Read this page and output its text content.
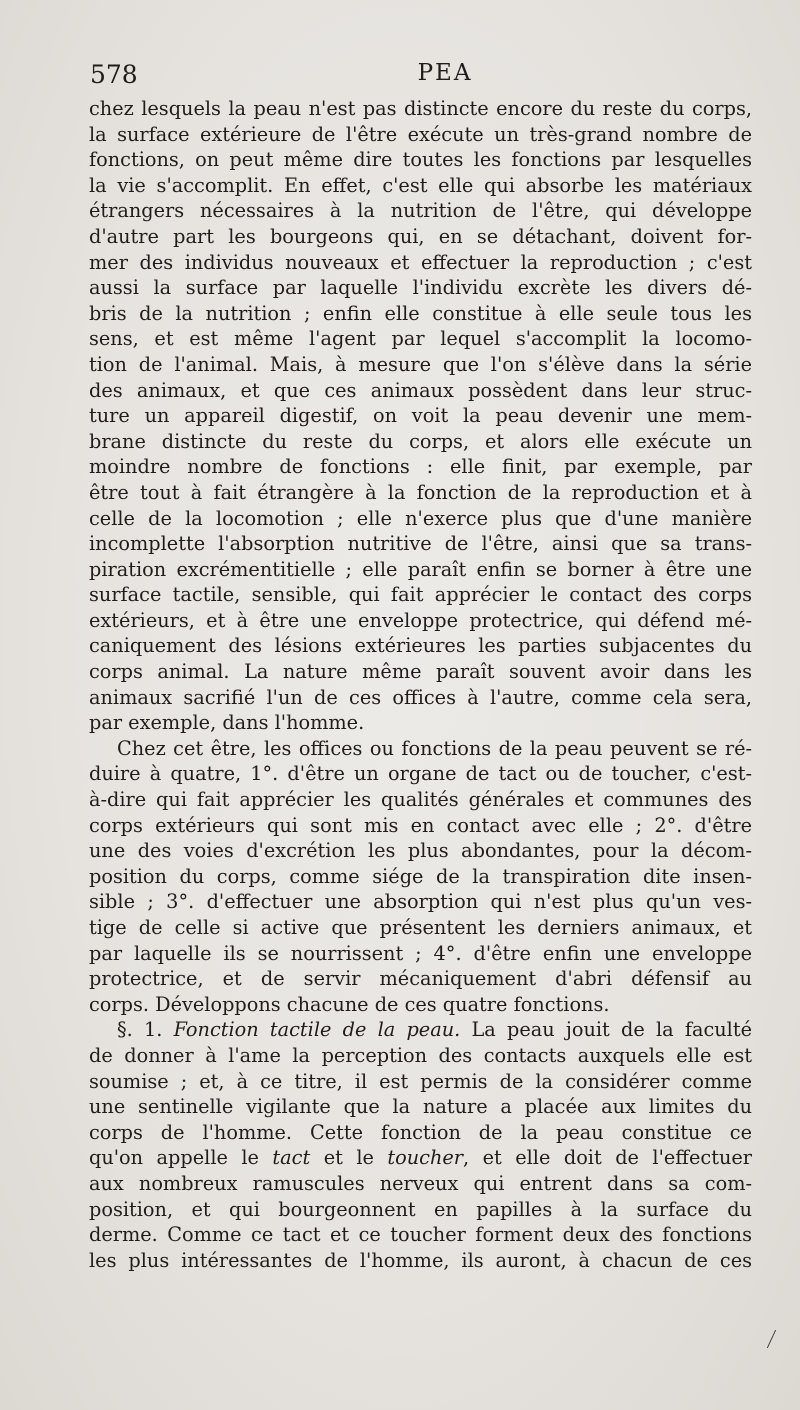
578	PEA
chez lesquels la peau n'est pas distincte encore du reste du corps,
la surface extérieure de l'être exécute un très-grand nombre de
fonctions, on peut même dire toutes les fonctions par lesquelles
la vie s'accomplit. En effet, c'est elle qui absorbe les matériaux
étrangers nécessaires à la nutrition de l'être, qui développe
d'autre part les bourgeons qui, en se détachant, doivent for-
mer des individus nouveaux et effectuer la reproduction ; c'est
aussi la surface par laquelle l'individu excrète les divers dé-
bris de la nutrition ; enfin elle constitue à elle seule tous les
sens, et est même l'agent par lequel s'accomplit la locomo-
tion de l'animal. Mais, à mesure que l'on s'élève dans la série
des animaux, et que ces animaux possèdent dans leur struc-
ture un appareil digestif, on voit la peau devenir une mem-
brane distincte du reste du corps, et alors elle exécute un
moindre nombre de fonctions : elle finit, par exemple, par
être tout à fait étrangère à la fonction de la reproduction et à
celle de la locomotion ; elle n'exerce plus que d'une manière
incomplette l'absorption nutritive de l'être, ainsi que sa trans-
piration excrémentitielle ; elle paraît enfin se borner à être une
surface tactile, sensible, qui fait apprécier le contact des corps
extérieurs, et à être une enveloppe protectrice, qui défend mé-
caniquement des lésions extérieures les parties subjacentes du
corps animal. La nature même paraît souvent avoir dans les
animaux sacrifié l'un de ces offices à l'autre, comme cela sera,
par exemple, dans l'homme.
Chez cet être, les offices ou fonctions de la peau peuvent se ré-
duire à quatre, 1°. d'être un organe de tact ou de toucher, c'est-
à-dire qui fait apprécier les qualités générales et communes des
corps extérieurs qui sont mis en contact avec elle ; 2°. d'être
une des voies d'excrétion les plus abondantes, pour la décom-
position du corps, comme siége de la transpiration dite insen-
sible ; 3°. d'effectuer une absorption qui n'est plus qu'un ves-
tige de celle si active que présentent les derniers animaux, et
par laquelle ils se nourrissent ; 4°. d'être enfin une enveloppe
protectrice, et de servir mécaniquement d'abri défensif au
corps. Développons chacune de ces quatre fonctions.
§. 1. Fonction tactile de la peau. La peau jouit de la faculté
de donner à l'ame la perception des contacts auxquels elle est
soumise ; et, à ce titre, il est permis de la considérer comme
une sentinelle vigilante que la nature a placée aux limites du
corps de l'homme. Cette fonction de la peau constitue ce
qu'on appelle le tact et le toucher, et elle doit de l'effectuer
aux nombreux ramuscules nerveux qui entrent dans sa com-
position, et qui bourgeonnent en papilles à la surface du
derme. Comme ce tact et ce toucher forment deux des fonctions
les plus intéressantes de l'homme, ils auront, à chacun de ces
